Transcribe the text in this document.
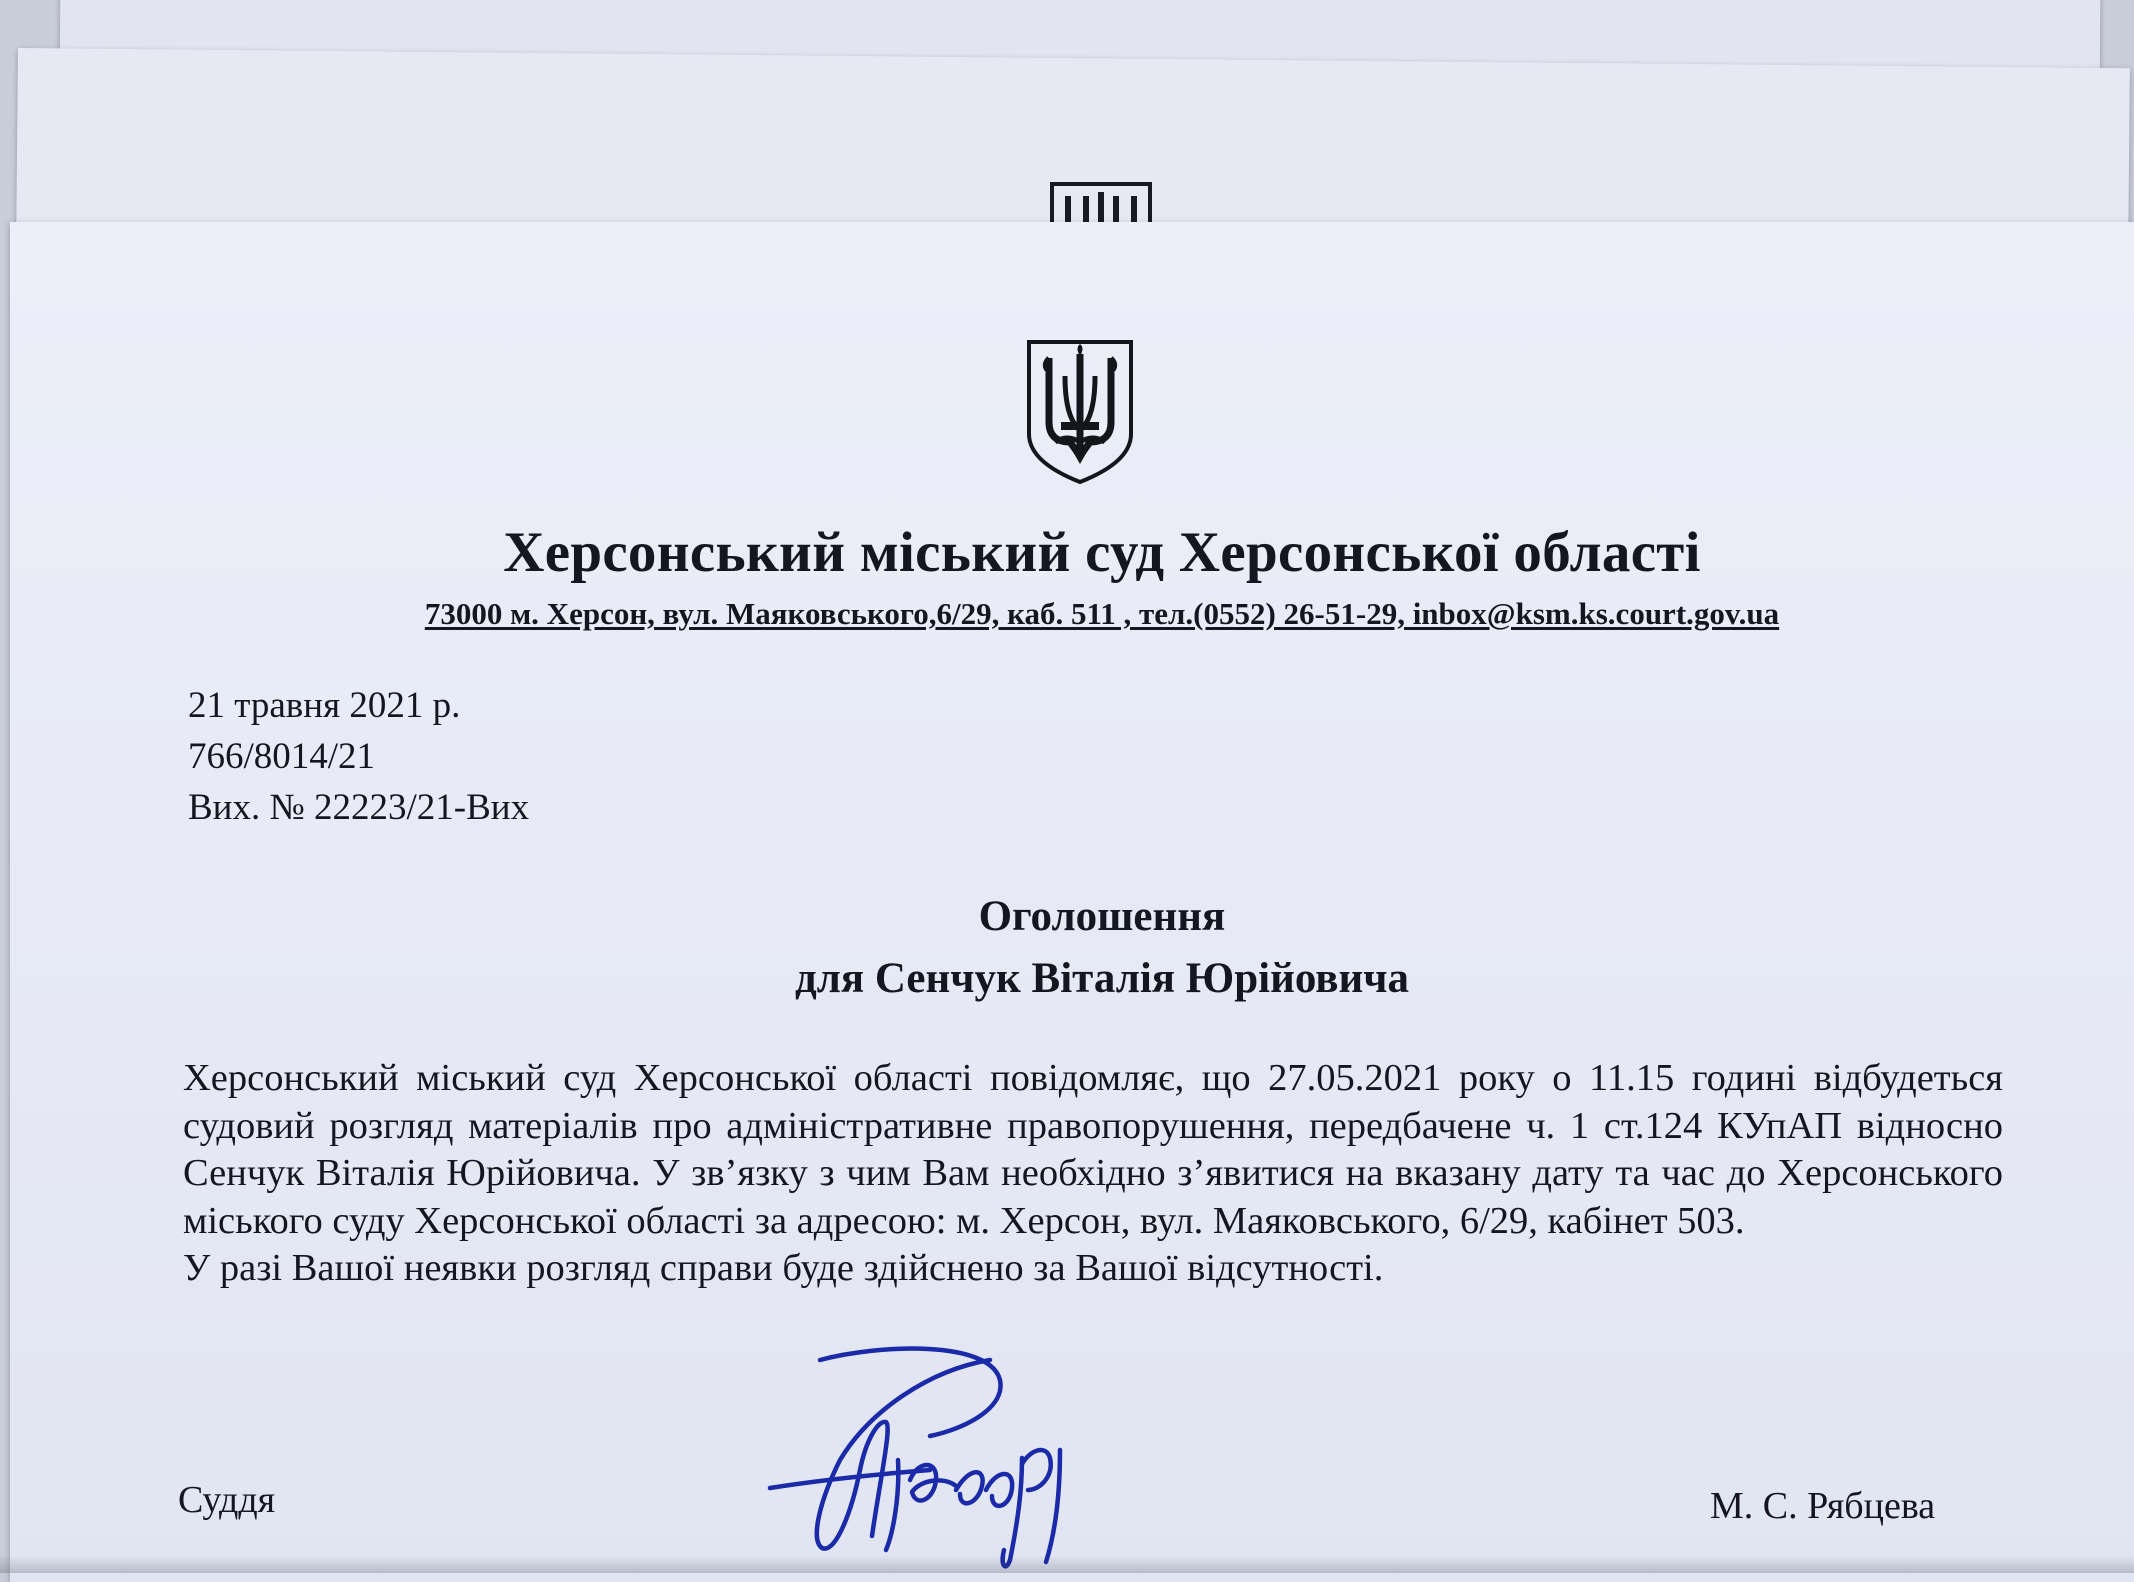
Херсонський міський суд Херсонської області
73000 м. Херсон, вул. Маяковського,6/29, каб. 511 , тел.(0552) 26-51-29, inbox@ksm.ks.court.gov.ua
21 травня 2021 р.
766/8014/21
Вих. № 22223/21-Вих
Оголошення
для Сенчук Віталія Юрійовича

Херсонський міський суд Херсонської області повідомляє, що 27.05.2021 року о 11.15 годині відбудеться судовий розгляд матеріалів про адміністративне правопорушення, передбачене ч. 1 ст.124 КУпАП відносно Сенчук Віталія Юрійовича. У зв’язку з чим Вам необхідно з’явитися на вказану дату та час до Херсонського міського суду Херсонської області за адресою: м. Херсон, вул. Маяковського, 6/29, кабінет 503.

У разі Вашої неявки розгляд справи буде здійснено за Вашої відсутності.

Суддя	М. С. Рябцева
